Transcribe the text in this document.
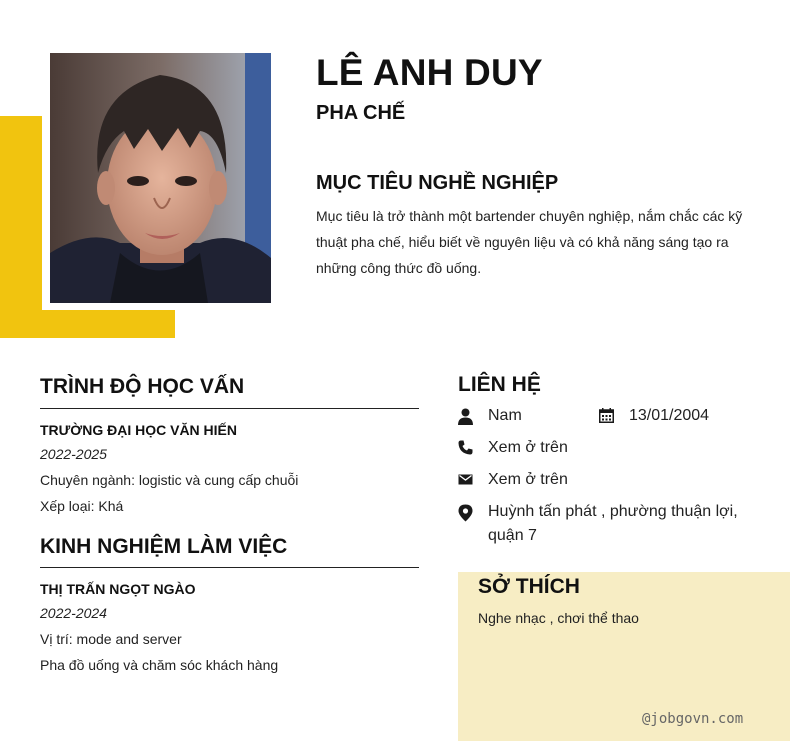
LÊ ANH DUY
PHA CHẾ
MỤC TIÊU NGHỀ NGHIỆP
Mục tiêu là trở thành một bartender chuyên nghiệp, nắm chắc các kỹ thuật pha chế, hiểu biết về nguyên liệu và có khả năng sáng tạo ra những công thức đồ uống.
TRÌNH ĐỘ HỌC VẤN
TRƯỜNG ĐẠI HỌC VĂN HIẾN
2022-2025
Chuyên ngành: logistic và cung cấp chuỗi
Xếp loại: Khá
KINH NGHIỆM LÀM VIỆC
THỊ TRẤN NGỌT NGÀO
2022-2024
Vị trí: mode and server
Pha đồ uống và chăm sóc khách hàng
LIÊN HỆ
Nam	13/01/2004
Xem ở trên
Xem ở trên
Huỳnh tấn phát , phường thuận lợi, quận 7
SỞ THÍCH
Nghe nhạc , chơi thể thao
@jobgovn.com
